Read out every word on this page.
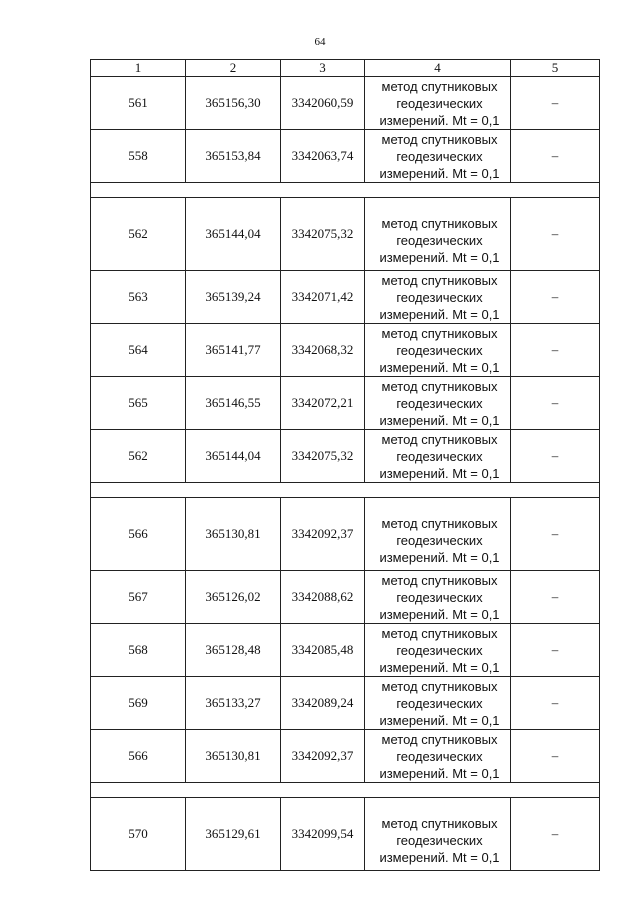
64
1	2	3	4	5
561	365156,30	3342060,59	метод спутниковых
геодезических
измерений. Mt = 0,1	–
558	365153,84	3342063,74	метод спутниковых
геодезических
измерений. Mt = 0,1	–

562	365144,04	3342075,32	метод спутниковых
геодезических
измерений. Mt = 0,1	–
563	365139,24	3342071,42	метод спутниковых
геодезических
измерений. Mt = 0,1	–
564	365141,77	3342068,32	метод спутниковых
геодезических
измерений. Mt = 0,1	–
565	365146,55	3342072,21	метод спутниковых
геодезических
измерений. Mt = 0,1	–
562	365144,04	3342075,32	метод спутниковых
геодезических
измерений. Mt = 0,1	–

566	365130,81	3342092,37	метод спутниковых
геодезических
измерений. Mt = 0,1	–
567	365126,02	3342088,62	метод спутниковых
геодезических
измерений. Mt = 0,1	–
568	365128,48	3342085,48	метод спутниковых
геодезических
измерений. Mt = 0,1	–
569	365133,27	3342089,24	метод спутниковых
геодезических
измерений. Mt = 0,1	–
566	365130,81	3342092,37	метод спутниковых
геодезических
измерений. Mt = 0,1	–

570	365129,61	3342099,54	метод спутниковых
геодезических
измерений. Mt = 0,1	–
